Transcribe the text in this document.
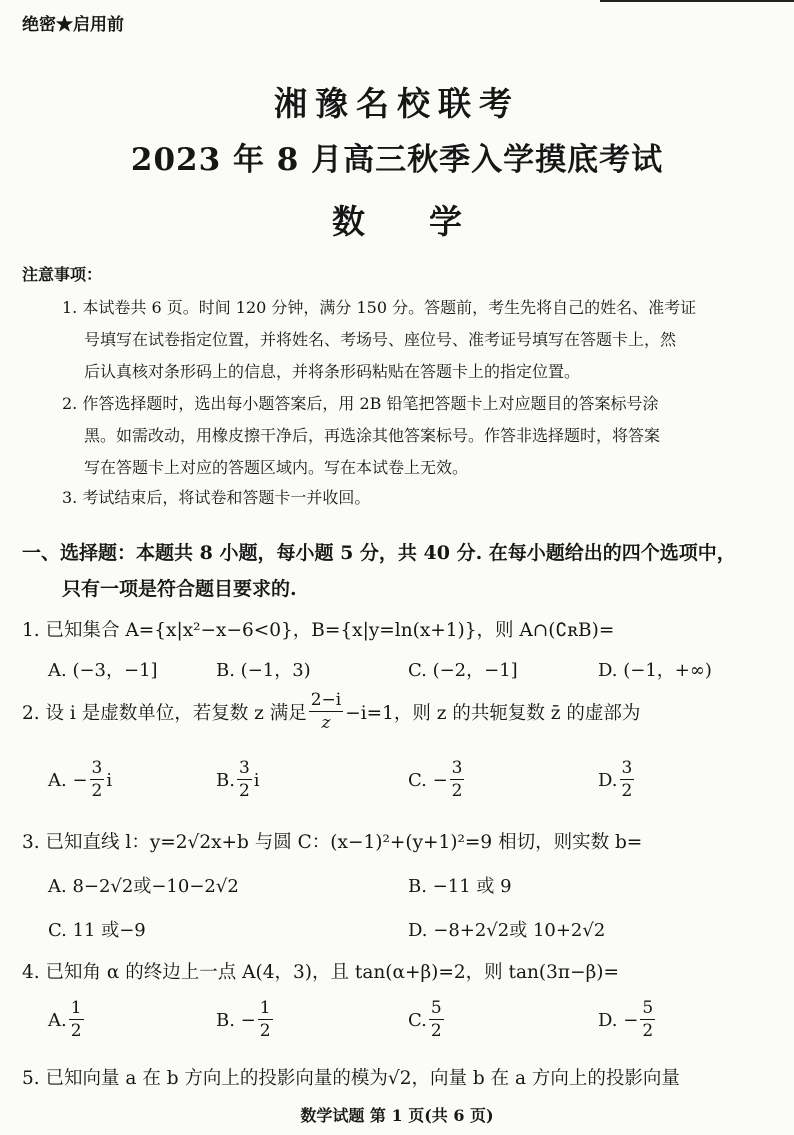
绝密★启用前
湘豫名校联考
2023 年 8 月高三秋季入学摸底考试
数 学
注意事项：
1. 本试卷共 6 页。时间 120 分钟，满分 150 分。答题前，考生先将自己的姓名、准考证
号填写在试卷指定位置，并将姓名、考场号、座位号、准考证号填写在答题卡上，然
后认真核对条形码上的信息，并将条形码粘贴在答题卡上的指定位置。
2. 作答选择题时，选出每小题答案后，用 2B 铅笔把答题卡上对应题目的答案标号涂
黑。如需改动，用橡皮擦干净后，再选涂其他答案标号。作答非选择题时，将答案
写在答题卡上对应的答题区域内。写在本试卷上无效。
3. 考试结束后，将试卷和答题卡一并收回。
一、选择题：本题共 8 小题，每小题 5 分，共 40 分. 在每小题给出的四个选项中，
只有一项是符合题目要求的.
1. 已知集合 A={x|x²−x−6<0}，B={x|y=ln(x+1)}，则 A∩(∁ʀB)=
A. (−3，−1]	B. (−1，3)	C. (−2，−1]	D. (−1，+∞)
2. 设 i 是虚数单位，若复数 z 满足 $\frac{2-i}{z} -i=1$，则 z 的共轭复数 z̄ 的虚部为
A. − $\frac{3}{2}$ i	B. $\frac{3}{2}$ i	C. − $\frac{3}{2}$	D. $\frac{3}{2}$
3. 已知直线 l：y=2√2x+b 与圆 C：(x−1)²+(y+1)²=9 相切，则实数 b=
A. 8−2√2或−10−2√2	B. −11 或 9
C. 11 或−9	D. −8+2√2或 10+2√2
4. 已知角 α 的终边上一点 A(4，3)，且 tan(α+β)=2，则 tan(3π−β)=
A. $\frac{1}{2}$	B. − $\frac{1}{2}$	C. $\frac{5}{2}$	D. − $\frac{5}{2}$
5. 已知向量 a 在 b 方向上的投影向量的模为√2，向量 b 在 a 方向上的投影向量
数学试题 第 1 页(共 6 页)
